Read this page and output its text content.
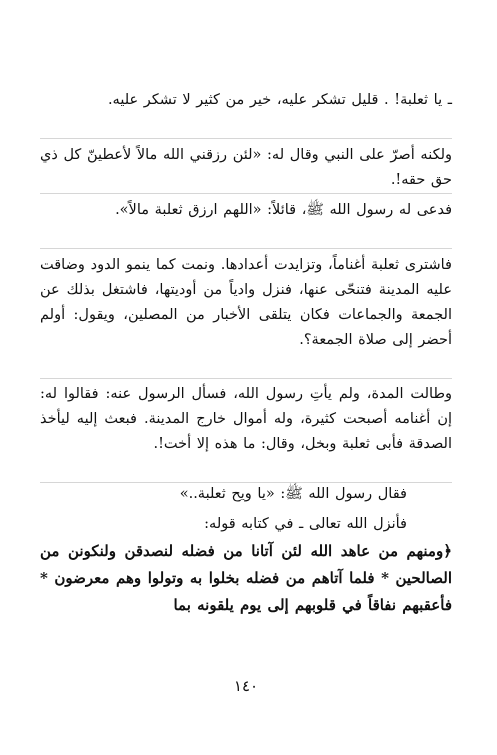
ـ يا ثعلبة! . قليل تشكر عليه، خير من كثير لا تشكر عليه.

ولكنه أصرّ على النبي وقال له: «لئن رزقني الله مالاً لأعطينّ كل ذي حق حقه!.

فدعى له رسول الله ﷺ، قائلاً: «اللهم ارزق ثعلبة مالاً».

فاشترى ثعلبة أغناماً، وتزايدت أعدادها. ونمت كما ينمو الدود وضاقت عليه المدينة فتنحّى عنها، فنزل وادياً من أوديتها، فاشتغل بذلك عن الجمعة والجماعات فكان يتلقى الأخبار من المصلين، ويقول: أولم أحضر إلى صلاة الجمعة؟.

وطالت المدة، ولم يأتِ رسول الله، فسأل الرسول عنه: فقالوا له: إن أغنامه أصبحت كثيرة، وله أموال خارج المدينة. فبعث إليه ليأخذ الصدقة فأبى ثعلبة وبخل، وقال: ما هذه إلا أخت!.

فقال رسول الله ﷺ: «يا ويح ثعلبة..»

فأنزل الله تعالى ـ في كتابه قوله:

﴿ومنهم من عاهد الله لئن آتانا من فضله لنصدقن ولنكونن من الصالحين * فلما آتاهم من فضله بخلوا به وتولوا وهم معرضون * فأعقبهم نفاقاً في قلوبهم إلى يوم يلقونه بما

١٤٠
